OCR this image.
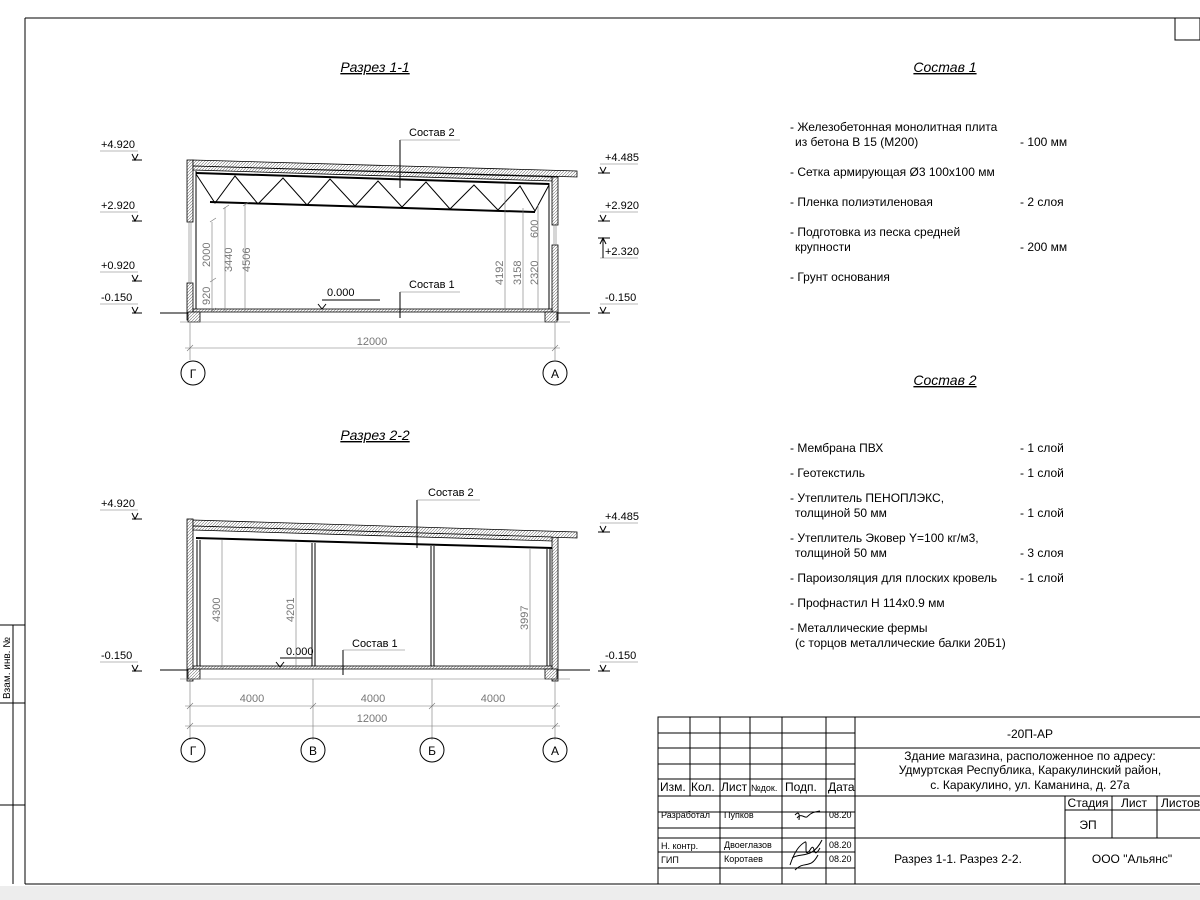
Взам. инв. №
Разрез 1-1
Состав 2
Состав 1
0.000
+4.920
+2.920
+0.920
-0.150
+4.485
+2.920
+2.320
-0.150
920
2000 3440 4506
4192 3158 2320
600
12000
Г	А
Разрез 2-2
Состав 2
Состав 1
0.000
+4.920
-0.150
+4.485
-0.150
4300	4201	3997
4000	4000	4000
12000
Г	В	Б	А
Состав 1
- Железобетонная монолитная плита
из бетона В 15 (М200)	- 100 мм
- Сетка армирующая Ø3 100х100 мм
- Пленка полиэтиленовая	- 2 слоя
- Подготовка из песка средней
крупности	- 200 мм
- Грунт основания
Состав 2
- Мембрана ПВХ	- 1 слой
- Геотекстиль	- 1 слой
- Утеплитель ПЕНОПЛЭКС,
толщиной 50 мм	- 1 слой
- Утеплитель Эковер Y=100 кг/м3,
толщиной 50 мм	- 3 слоя
- Пароизоляция для плоских кровель - 1 слой
- Профнастил Н 114х0.9 мм
- Металлические фермы
(с торцов металлические балки 20Б1)
-20П-АР
Здание магазина, расположенное по адресу:
Удмуртская Республика, Каракулинский район,
с. Каракулино, ул. Каманина, д. 27а
Изм. Кол. Лист №док. Подп. Дата
Разработал Пупков	08.20
Н. контр.	Двоеглазов	08.20
ГИП	Коротаев	08.20
Стадия Лист Листов
ЭП
Разрез 1-1. Разрез 2-2.	ООО "Альянс"
